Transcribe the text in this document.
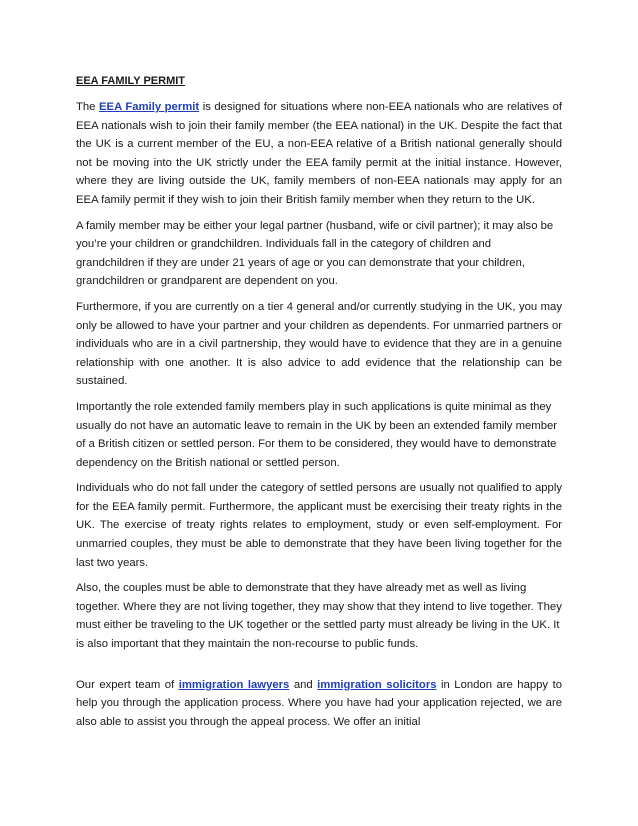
EEA FAMILY PERMIT

The EEA Family permit is designed for situations where non-EEA nationals who are relatives of EEA nationals wish to join their family member (the EEA national) in the UK. Despite the fact that the UK is a current member of the EU, a non-EEA relative of a British national generally should not be moving into the UK strictly under the EEA family permit at the initial instance. However, where they are living outside the UK, family members of non-EEA nationals may apply for an EEA family permit if they wish to join their British family member when they return to the UK.

A family member may be either your legal partner (husband, wife or civil partner); it may also be you’re your children or grandchildren. Individuals fall in the category of children and grandchildren if they are under 21 years of age or you can demonstrate that your children, grandchildren or grandparent are dependent on you.

Furthermore, if you are currently on a tier 4 general and/or currently studying in the UK, you may only be allowed to have your partner and your children as dependents. For unmarried partners or individuals who are in a civil partnership, they would have to evidence that they are in a genuine relationship with one another. It is also advice to add evidence that the relationship can be sustained.

Importantly the role extended family members play in such applications is quite minimal as they usually do not have an automatic leave to remain in the UK by been an extended family member of a British citizen or settled person. For them to be considered, they would have to demonstrate dependency on the British national or settled person.

Individuals who do not fall under the category of settled persons are usually not qualified to apply for the EEA family permit. Furthermore, the applicant must be exercising their treaty rights in the UK. The exercise of treaty rights relates to employment, study or even self-employment. For unmarried couples, they must be able to demonstrate that they have been living together for the last two years.

Also, the couples must be able to demonstrate that they have already met as well as living together. Where they are not living together, they may show that they intend to live together. They must either be traveling to the UK together or the settled party must already be living in the UK. It is also important that they maintain the non-recourse to public funds.

Our expert team of immigration lawyers and immigration solicitors in London are happy to help you through the application process. Where you have had your application rejected, we are also able to assist you through the appeal process. We offer an initial
